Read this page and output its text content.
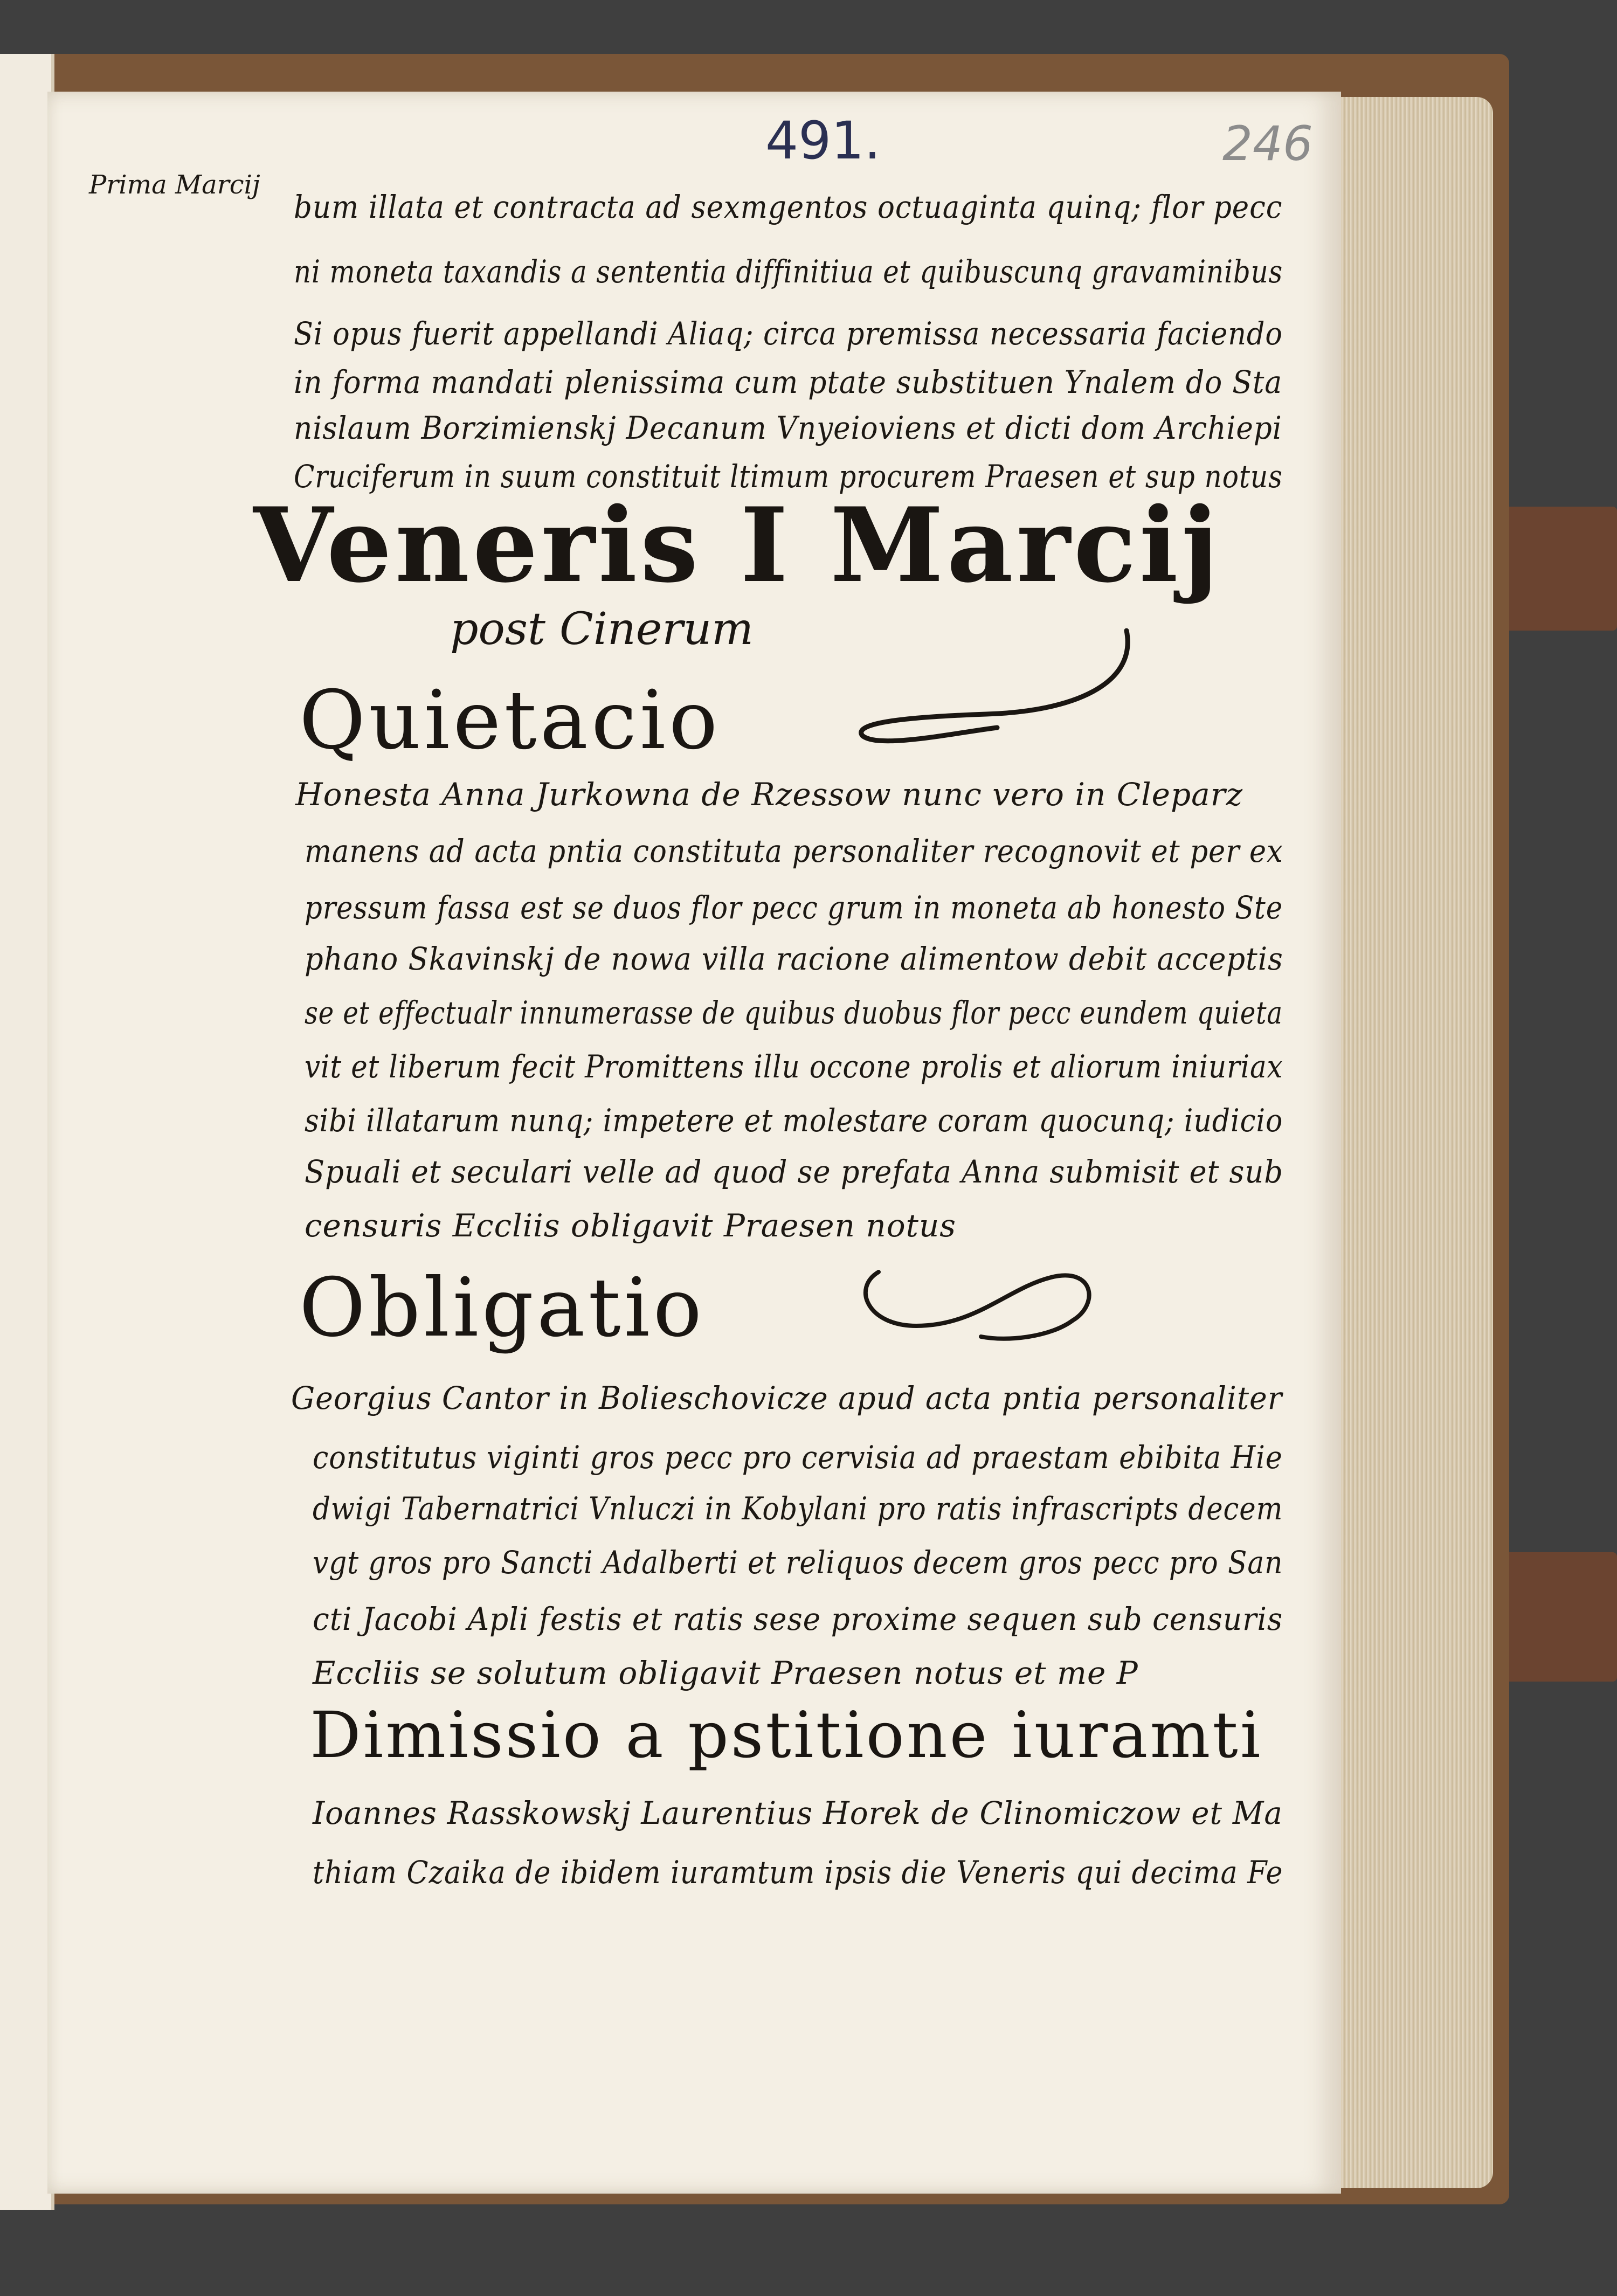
491.	246
Prima Marcij
bum illata et contracta ad sexmgentos octuaginta quinq; flor pecc
ni moneta taxandis a sententia diffinitiua et quibuscunq gravaminibus
Si opus fuerit appellandi Aliaq; circa premissa necessaria faciendo
in forma mandati plenissima cum ptate substituen Ynalem do Sta
nislaum Borzimienskj Decanum Vnyeioviens et dicti dom Archiepi
Cruciferum in suum constituit ltimum procurem Praesen et sup notus
Veneris I Marcij
post Cinerum
Quietacio
Honesta Anna Jurkowna de Rzessow nunc vero in Cleparz
manens ad acta pntia constituta personaliter recognovit et per ex
pressum fassa est se duos flor pecc grum in moneta ab honesto Ste
phano Skavinskj de nowa villa racione alimentow debit acceptis
se et effectualr innumerasse de quibus duobus flor pecc eundem quieta
vit et liberum fecit Promittens illu occone prolis et aliorum iniuriax
sibi illatarum nunq; impetere et molestare coram quocunq; iudicio
Spuali et seculari velle ad quod se prefata Anna submisit et sub
censuris Eccliis obligavit Praesen notus
Obligatio
Georgius Cantor in Bolieschovicze apud acta pntia personaliter
constitutus viginti gros pecc pro cervisia ad praestam ebibita Hie
dwigi Tabernatrici Vnluczi in Kobylani pro ratis infrascripts decem
vgt gros pro Sancti Adalberti et reliquos decem gros pecc pro San
cti Jacobi Apli festis et ratis sese proxime sequen sub censuris
Eccliis se solutum obligavit Praesen notus et me P
Dimissio a pstitione iuramti
Ioannes Rasskowskj Laurentius Horek de Clinomiczow et Ma
thiam Czaika de ibidem iuramtum ipsis die Veneris qui decima Fe
